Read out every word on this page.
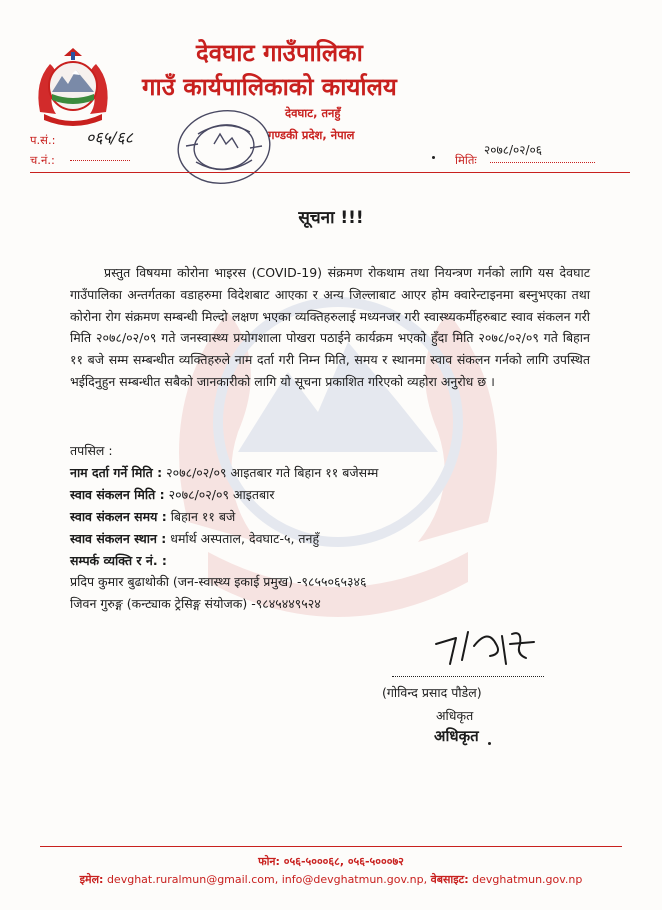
देवघाट गाउँपालिका
गाउँ कार्यपालिकाको कार्यालय
देवघाट, तनहुँ
गण्डकी प्रदेश, नेपाल
प.सं.: ०६५/६८
च.नं.:
२०७८/०२/०६
मितिः
सूचना !!!

प्रस्तुत विषयमा कोरोना भाइरस (COVID-19) संक्रमण रोकथाम तथा नियन्त्रण गर्नको लागि यस देवघाट गाउँपालिका अन्तर्गतका वडाहरुमा विदेशबाट आएका र अन्य जिल्लाबाट आएर होम क्वारेन्टाइनमा बस्नुभएका तथा कोरोना रोग संक्रमण सम्बन्धी मिल्दो लक्षण भएका व्यक्तिहरुलाई मध्यनजर गरी स्वास्थ्यकर्मीहरुबाट स्वाव संकलन गरी मिति २०७८/०२/०९ गते जनस्वास्थ्य प्रयोगशाला पोखरा पठाईने कार्यक्रम भएको हुँदा मिति २०७८/०२/०९ गते बिहान ११ बजे सम्म सम्बन्धीत व्यक्तिहरुले नाम दर्ता गरी निम्न मिति, समय र स्थानमा स्वाव संकलन गर्नको लागि उपस्थित भईदिनुहुन सम्बन्धीत सबैको जानकारीको लागि यो सूचना प्रकाशित गरिएको व्यहोरा अनुरोध छ ।

तपसिल :
नाम दर्ता गर्ने मिति : २०७८/०२/०९ आइतबार गते बिहान ११ बजेसम्म
स्वाव संकलन मिति : २०७८/०२/०९ आइतबार
स्वाव संकलन समय : बिहान ११ बजे
स्वाव संकलन स्थान : धर्मार्थ अस्पताल, देवघाट-५, तनहुँ
सम्पर्क व्यक्ति र नं. :
प्रदिप कुमार बुढाथोकी (जन-स्वास्थ्य इकाई प्रमुख) -९८५५०६५३४६
जिवन गुरुङ्ग (कन्ट्याक ट्रेसिङ्ग संयोजक) -९८४५४४९५२४
(गोविन्द प्रसाद पौडेल)
अधिकृत
अधिकृत
फोन: ०५६-५०००६८, ०५६-५०००७२
इमेल: devghat.ruralmun@gmail.com, info@devghatmun.gov.np, वेबसाइट: devghatmun.gov.np
